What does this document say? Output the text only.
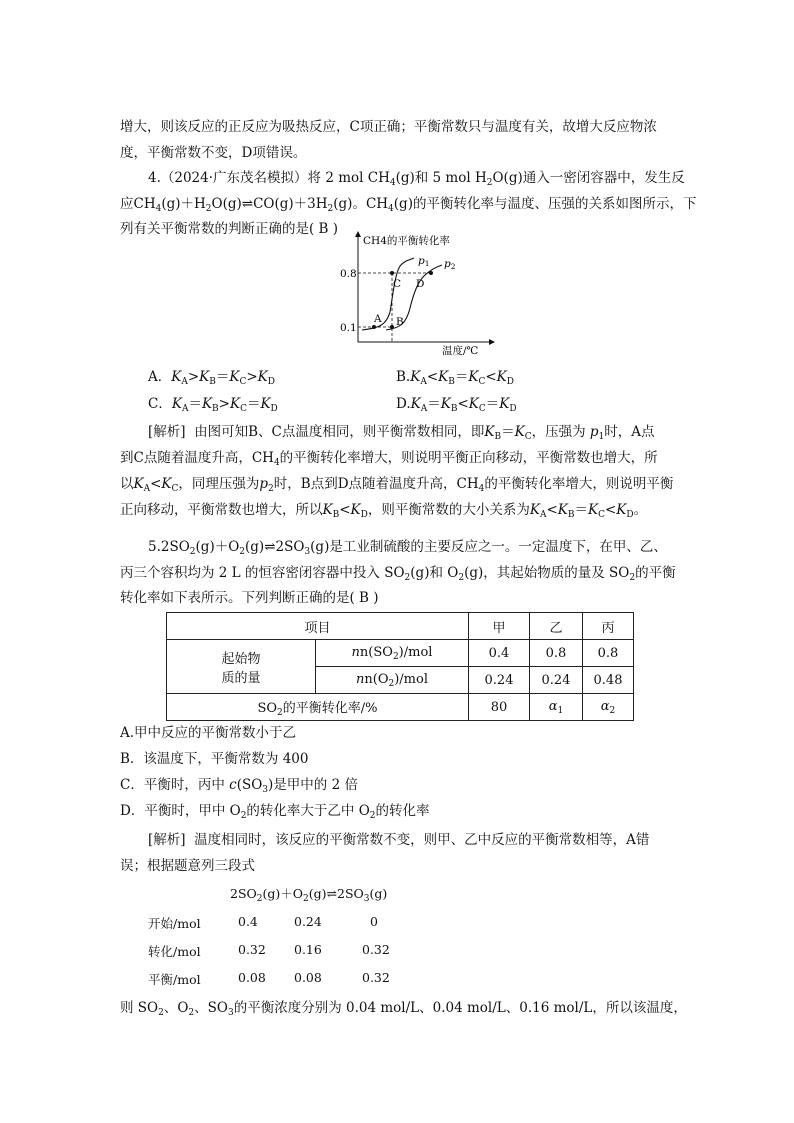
增大，则该反应的正反应为吸热反应，C项正确；平衡常数只与温度有关，故增大反应物浓
度，平衡常数不变，D项错误。
4.（2024·广东茂名模拟）将 2 mol $CH_4(g)$和 5 mol $H_2O(g)$通入一密闭容器中，发生反
应$CH_4(g)+H_2O(g)\rightleftharpoons CO(g)+3H_2(g)$。$CH_4(g)$的平衡转化率与温度、压强的关系如图所示，下
列有关平衡常数的判断正确的是( B )
CH4的平衡转化率
温度/℃
0.8
0.1
A B
C D
p1 p2
A．$K_A>K_B=K_C>K_D$	$B.K_A<K_B=K_C<K_D$
C．$K_A=K_B>K_C=K_D$	$D.K_A=K_B<K_C=K_D$
[解析] 由图可知B、C点温度相同，则平衡常数相同，即$K_B=K_C$，压强为 $p_1$时，A点
到C点随着温度升高，$CH_4$的平衡转化率增大，则说明平衡正向移动，平衡常数也增大，所
以$K_A<K_C$，同理压强为$p_2$时，B点到D点随着温度升高，$CH_4$的平衡转化率增大，则说明平衡
正向移动，平衡常数也增大，所以$K_B<K_D$，则平衡常数的大小关系为$K_A<K_B=K_C<K_D$。
$5.2SO_2(g)+O_2(g)\rightleftharpoons 2SO_3(g)$是工业制硫酸的主要反应之一。一定温度下，在甲、乙、
丙三个容积均为 2 L 的恒容密闭容器中投入 $SO_2(g)$和 $O_2(g)$，其起始物质的量及 $SO_2$的平衡
转化率如下表所示。下列判断正确的是( B )
项目		甲	乙	丙
起始物
质的量	$nn(SO_2)$/mol	0.4	0.8	0.8
	$nn(O_2)$/mol	0.24	0.24	0.48
$SO_2$的平衡转化率/%		80	$\alpha_1$	$\alpha_2$
A.甲中反应的平衡常数小于乙
B．该温度下，平衡常数为 400
C．平衡时，丙中 $c(SO_3)$是甲中的 2 倍
D．平衡时，甲中 $O_2$的转化率大于乙中 $O_2$的转化率
[解析] 温度相同时，该反应的平衡常数不变，则甲、乙中反应的平衡常数相等，A错
误；根据题意列三段式
$2SO_2(g)+O_2(g)\rightleftharpoons 2SO_3(g)$
开始/mol	0.4	0.24	0
转化/mol	0.32 0.16	0.32
平衡/mol	0.08 0.08	0.32
则 $SO_2$、$O_2$、$SO_3$的平衡浓度分别为 0.04 mol/L、0.04 mol/L、0.16 mol/L，所以该温度，
